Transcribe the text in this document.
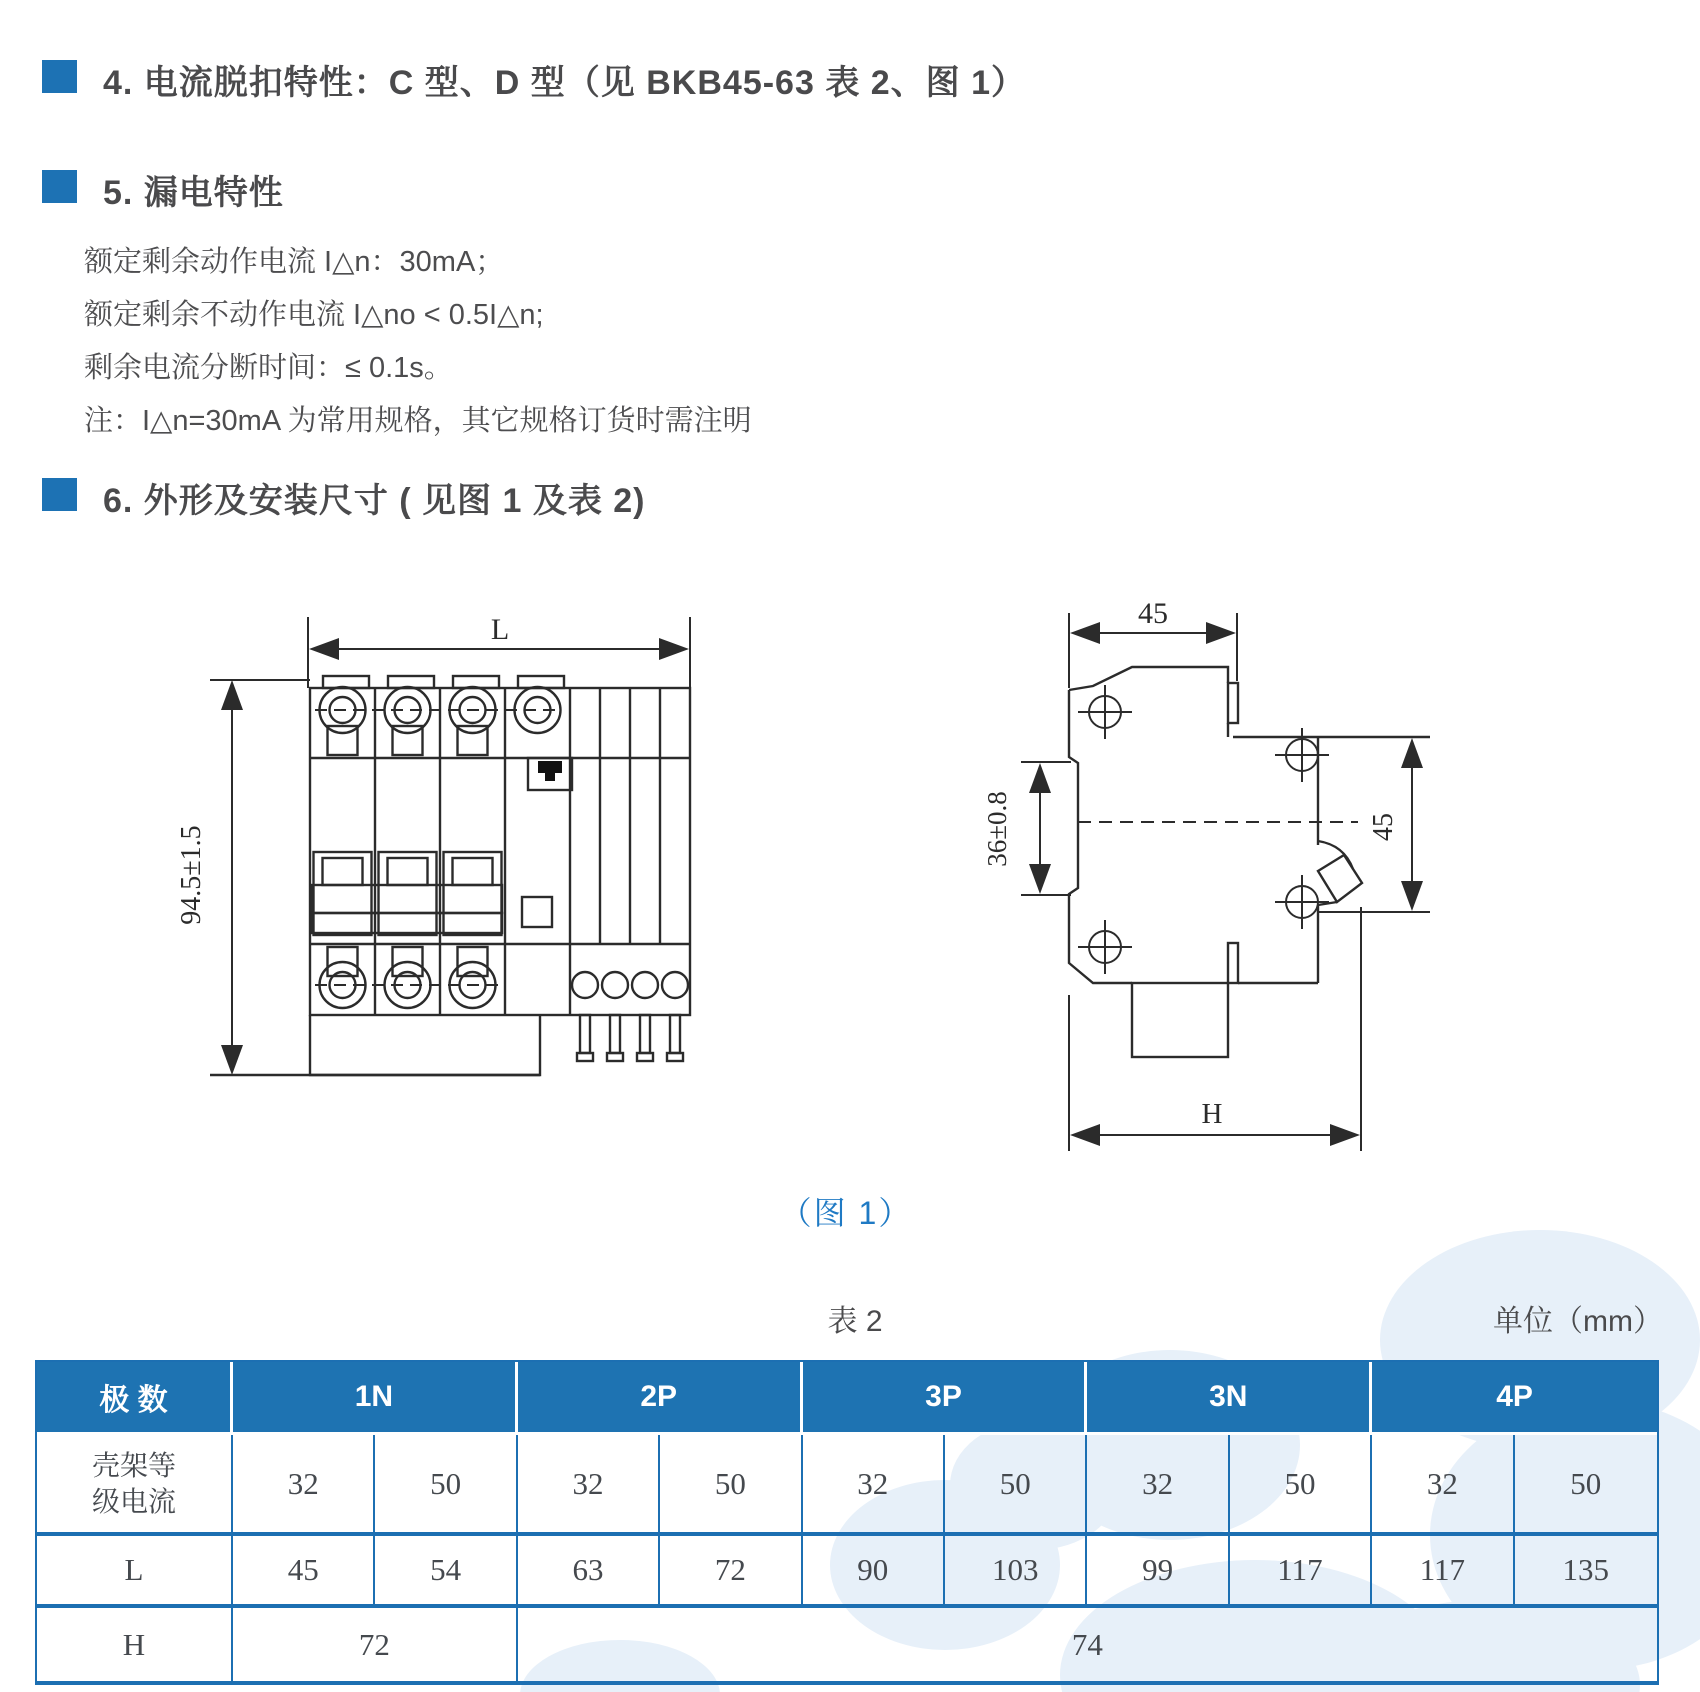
4. 电流脱扣特性：C 型、D 型（见 BKB45-63 表 2、图 1）
5. 漏电特性
额定剩余动作电流 I△n：30mA；
额定剩余不动作电流 I△no < 0.5I△n;
剩余电流分断时间：≤ 0.1s。
注：I△n=30mA 为常用规格，其它规格订货时需注明
6. 外形及安装尺寸 ( 见图 1 及表 2)
L
94.5±1.5
45
36±0.8	45
H
（图 1）
表 2	单位（mm）
极 数	1N		2P		3P		3N		4P	

壳架等
级电流	32	50	32	50	32	50	32	50	32	50
L	45	54	63	72	90	103	99	117	117	135
H	72		74							
